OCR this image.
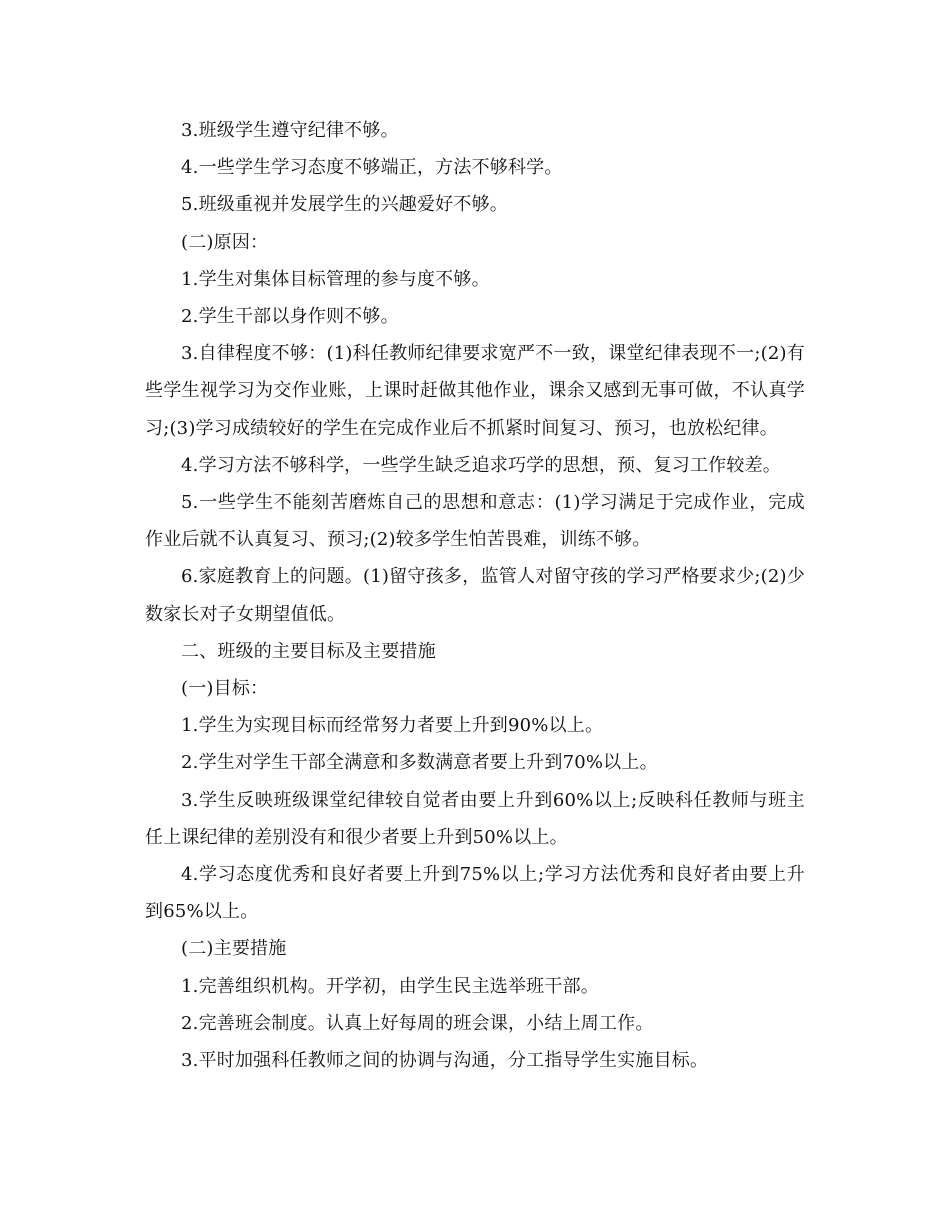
3.班级学生遵守纪律不够。

4.一些学生学习态度不够端正，方法不够科学。

5.班级重视并发展学生的兴趣爱好不够。

(二)原因：

1.学生对集体目标管理的参与度不够。

2.学生干部以身作则不够。

3.自律程度不够：(1)科任教师纪律要求宽严不一致，课堂纪律表现不一;(2)有些学生视学习为交作业账，上课时赶做其他作业，课余又感到无事可做，不认真学习;(3)学习成绩较好的学生在完成作业后不抓紧时间复习、预习，也放松纪律。

4.学习方法不够科学，一些学生缺乏追求巧学的思想，预、复习工作较差。

5.一些学生不能刻苦磨炼自己的思想和意志：(1)学习满足于完成作业，完成作业后就不认真复习、预习;(2)较多学生怕苦畏难，训练不够。

6.家庭教育上的问题。(1)留守孩多，监管人对留守孩的学习严格要求少;(2)少数家长对子女期望值低。

二、班级的主要目标及主要措施

(一)目标：

1.学生为实现目标而经常努力者要上升到90%以上。

2.学生对学生干部全满意和多数满意者要上升到70%以上。

3.学生反映班级课堂纪律较自觉者由要上升到60%以上;反映科任教师与班主任上课纪律的差别没有和很少者要上升到50%以上。

4.学习态度优秀和良好者要上升到75%以上;学习方法优秀和良好者由要上升到65%以上。

(二)主要措施

1.完善组织机构。开学初，由学生民主选举班干部。

2.完善班会制度。认真上好每周的班会课，小结上周工作。

3.平时加强科任教师之间的协调与沟通，分工指导学生实施目标。
